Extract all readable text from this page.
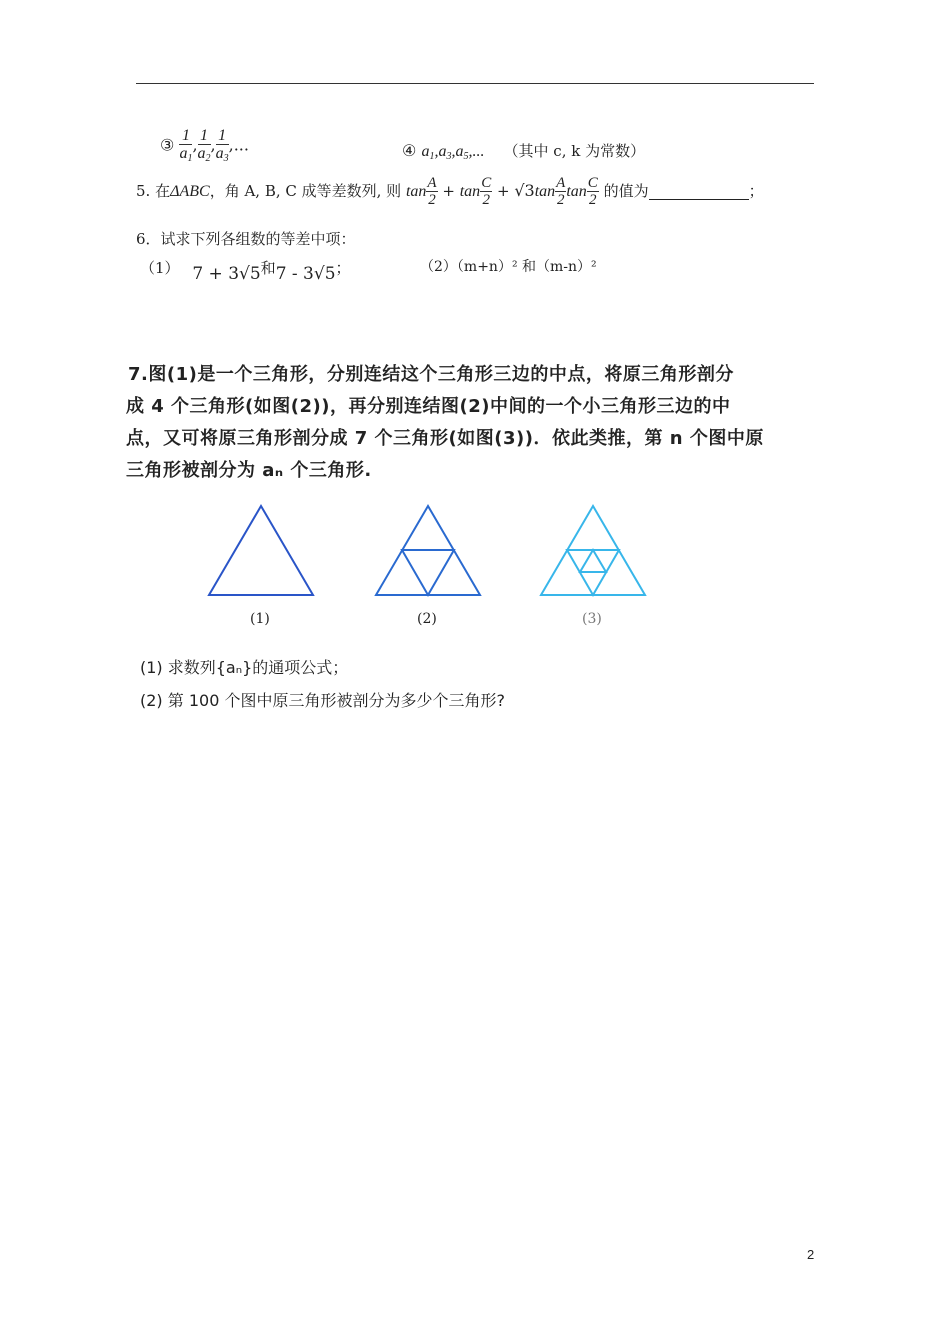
③ $\frac{1}{a_1}$ , $\frac{1}{a_2}$ , $\frac{1}{a_3}$ ,...	④ $a_1,a_3,a_5$,... （其中 c, k 为常数）
5. 在ΔABC，角 A, B, C 成等差数列, 则 $\tan \frac{A}{2} + \tan \frac{C}{2} + √3\tan \frac{A}{2}$ $\tan \frac{C}{2}$ 的值为	；
6．试求下列各组数的等差中项：
（1） 7 + 3√5和7 - 3√5；	（2）（m+n）² 和（m-n）²
7.图(1)是一个三角形，分别连结这个三角形三边的中点，将原三角形剖分
成 4 个三角形(如图(2))，再分别连结图(2)中间的一个小三角形三边的中
点，又可将原三角形剖分成 7 个三角形(如图(3))．依此类推，第 n 个图中原
三角形被剖分为 aₙ 个三角形.
(1)	(2)	(3)
(1) 求数列{aₙ}的通项公式；
(2) 第 100 个图中原三角形被剖分为多少个三角形?
2
